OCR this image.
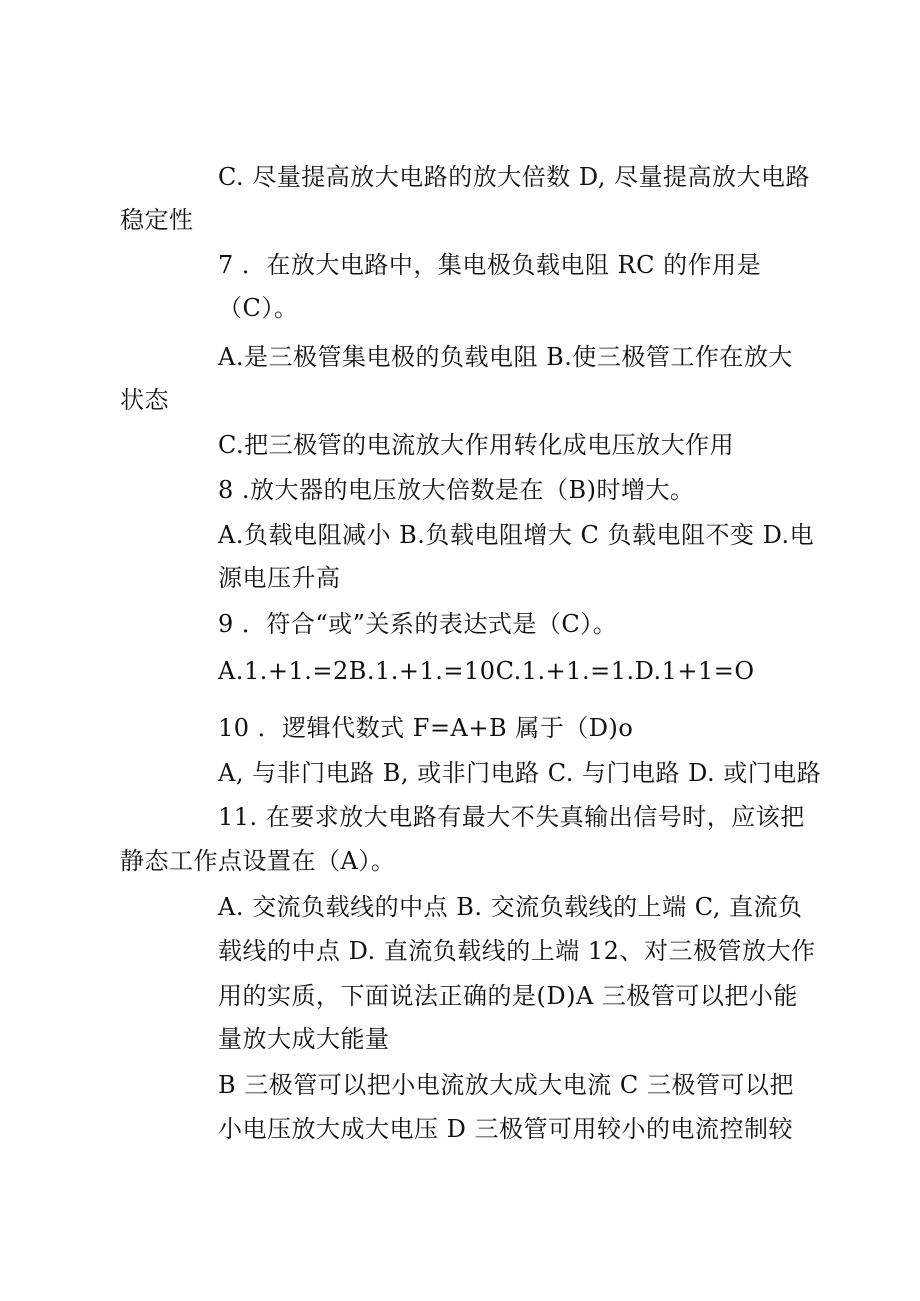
C. 尽量提高放大电路的放大倍数 D, 尽量提高放大电路
稳定性
7 ．在放大电路中，集电极负载电阻 RC 的作用是
（C）。
A.是三极管集电极的负载电阻 B.使三极管工作在放大
状态
C.把三极管的电流放大作用转化成电压放大作用
8 .放大器的电压放大倍数是在（B)时增大。
A.负载电阻减小 B.负载电阻增大 C 负载电阻不变 D.电
源电压升高
9 ．符合“或”关系的表达式是（C）。
A.1.+1.=2B.1.+1.=10C.1.+1.=1.D.1+1=O
10 ．逻辑代数式 F=A+B 属于（D)o
A, 与非门电路 B, 或非门电路 C. 与门电路 D. 或门电路
11. 在要求放大电路有最大不失真输出信号时，应该把
静态工作点设置在（A）。
A. 交流负载线的中点 B. 交流负载线的上端 C, 直流负
载线的中点 D. 直流负载线的上端 12、对三极管放大作
用的实质，下面说法正确的是(D)A 三极管可以把小能
量放大成大能量
B 三极管可以把小电流放大成大电流 C 三极管可以把
小电压放大成大电压 D 三极管可用较小的电流控制较
